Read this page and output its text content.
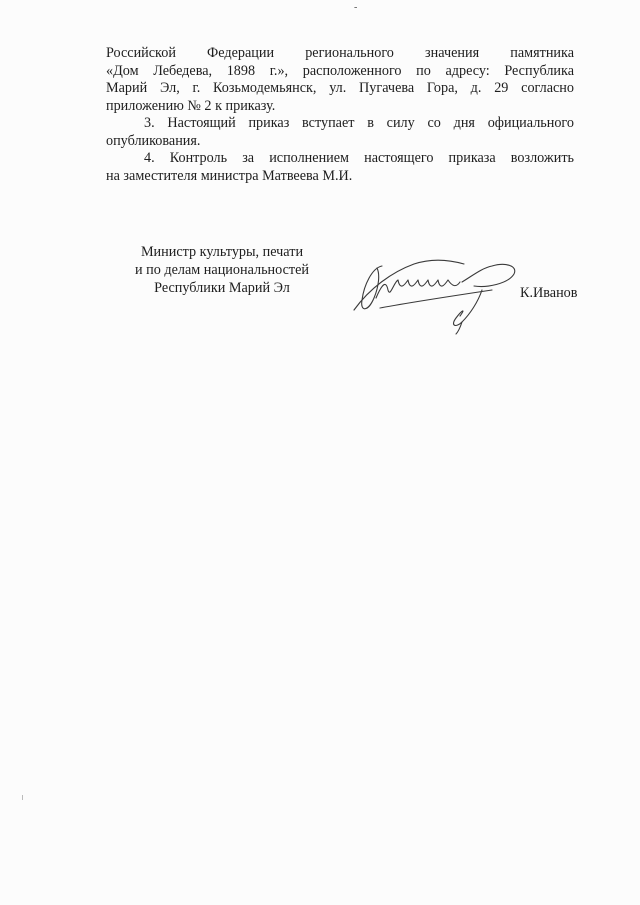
-

Российской Федерации регионального значения памятника
«Дом Лебедева, 1898 г.», расположенного по адресу: Республика
Марий Эл, г. Козьмодемьянск, ул. Пугачева Гора, д. 29 согласно
приложению № 2 к приказу.

3. Настоящий приказ вступает в силу со дня официального
опубликования.

4. Контроль за исполнением настоящего приказа возложить
на заместителя министра Матвеева М.И.

Министр культуры, печати
и по делам национальностей
Республики Марий Эл	К.Иванов
